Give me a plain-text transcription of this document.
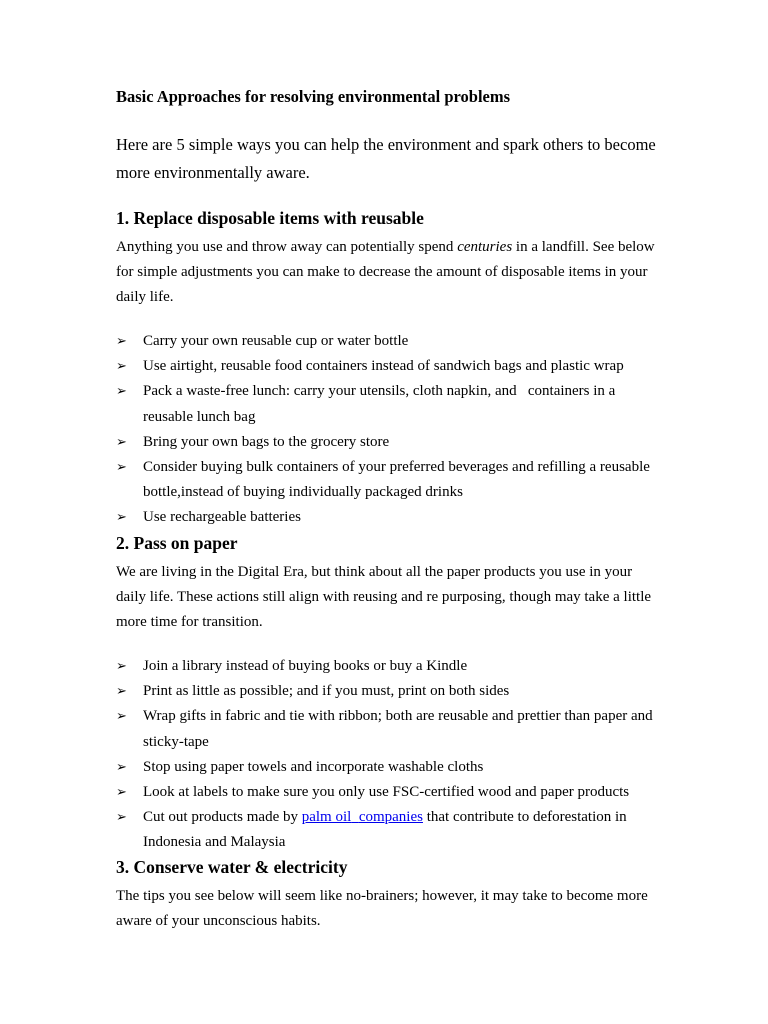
Basic Approaches for resolving environmental problems
Here are 5 simple ways you can help the environment and spark others to become more environmentally aware.
1. Replace disposable items with reusable
Anything you use and throw away can potentially spend centuries in a landfill. See below for simple adjustments you can make to decrease the amount of disposable items in your daily life.
➢ Carry your own reusable cup or water bottle
➢ Use airtight, reusable food containers instead of sandwich bags and plastic wrap
➢ Pack a waste-free lunch: carry your utensils, cloth napkin, and   containers in a reusable lunch bag
➢ Bring your own bags to the grocery store
➢ Consider buying bulk containers of your preferred beverages and refilling a reusable bottle,instead of buying individually packaged drinks
➢ Use rechargeable batteries
2. Pass on paper
We are living in the Digital Era, but think about all the paper products you use in your daily life. These actions still align with reusing and re purposing, though may take a little more time for transition.
➢ Join a library instead of buying books or buy a Kindle
➢ Print as little as possible; and if you must, print on both sides
➢ Wrap gifts in fabric and tie with ribbon; both are reusable and prettier than paper and sticky-tape
➢ Stop using paper towels and incorporate washable cloths
➢ Look at labels to make sure you only use FSC-certified wood and paper products
➢ Cut out products made by palm oil companies that contribute to deforestation in Indonesia and Malaysia
3. Conserve water & electricity
The tips you see below will seem like no-brainers; however, it may take to become more aware of your unconscious habits.
